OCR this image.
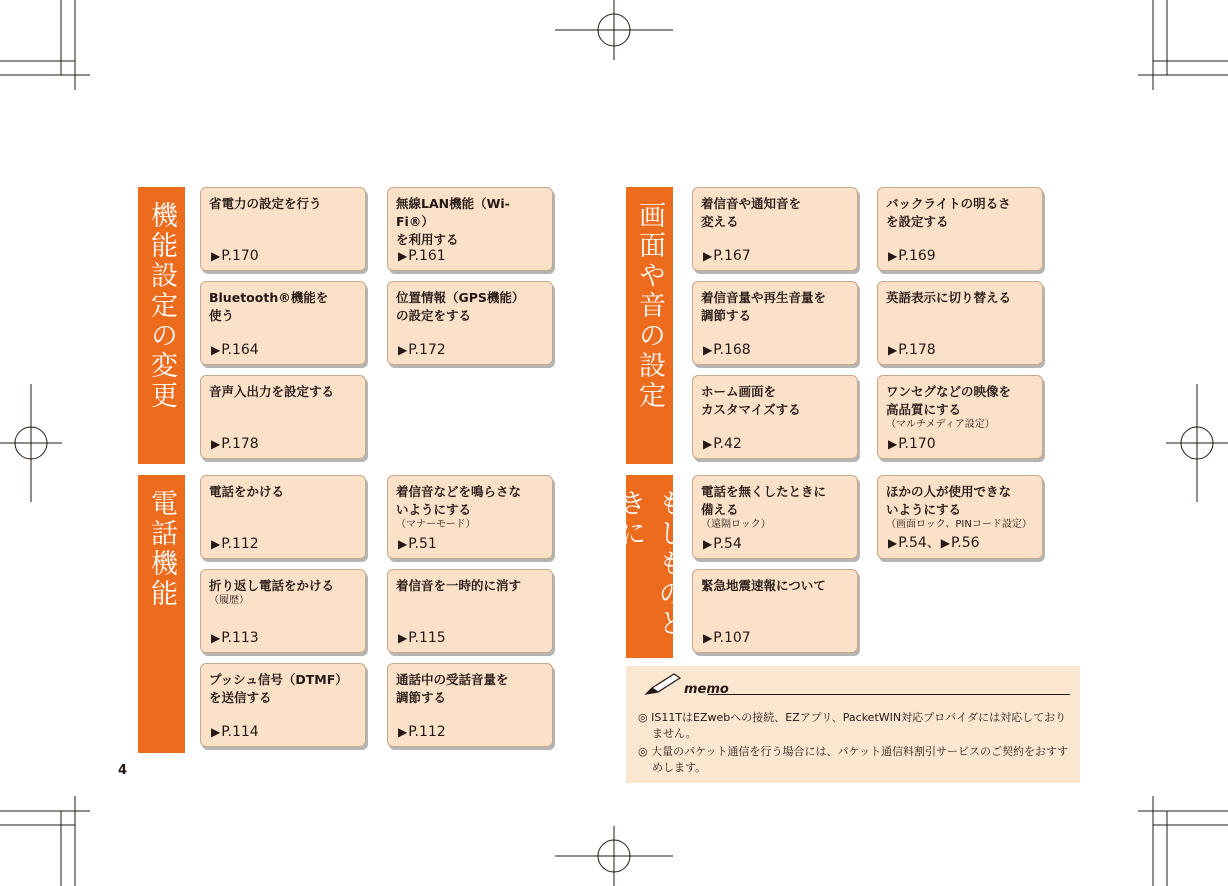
機能設定の変更
電話機能
画面や音の設定
もしものときに
省電力の設定を行う
▶P.170
無線LAN機能（Wi-Fi®）
を利用する
▶P.161
Bluetooth®機能を
使う
▶P.164
位置情報（GPS機能）
の設定をする
▶P.172
音声入出力を設定する
▶P.178
電話をかける
▶P.112
着信音などを鳴らさな
いようにする
（マナーモード）
▶P.51
折り返し電話をかける
（履歴）
▶P.113
着信音を一時的に消す
▶P.115
プッシュ信号（DTMF）
を送信する
▶P.114
通話中の受話音量を
調節する
▶P.112
着信音や通知音を
変える
▶P.167
バックライトの明るさ
を設定する
▶P.169
着信音量や再生音量を
調節する
▶P.168
英語表示に切り替える
▶P.178
ホーム画面を
カスタマイズする
▶P.42
ワンセグなどの映像を
高品質にする
（マルチメディア設定）
▶P.170
電話を無くしたときに
備える
（遠隔ロック）
▶P.54
ほかの人が使用できな
いようにする
（画面ロック、PINコード設定）
▶P.54、▶P.56
緊急地震速報について
▶P.107
memo
◎ IS11TはEZwebへの接続、EZアプリ、PacketWIN対応プロバイダには対応しておりません。
◎ 大量のパケット通信を行う場合には、パケット通信料割引サービスのご契約をおすすめします。
4
